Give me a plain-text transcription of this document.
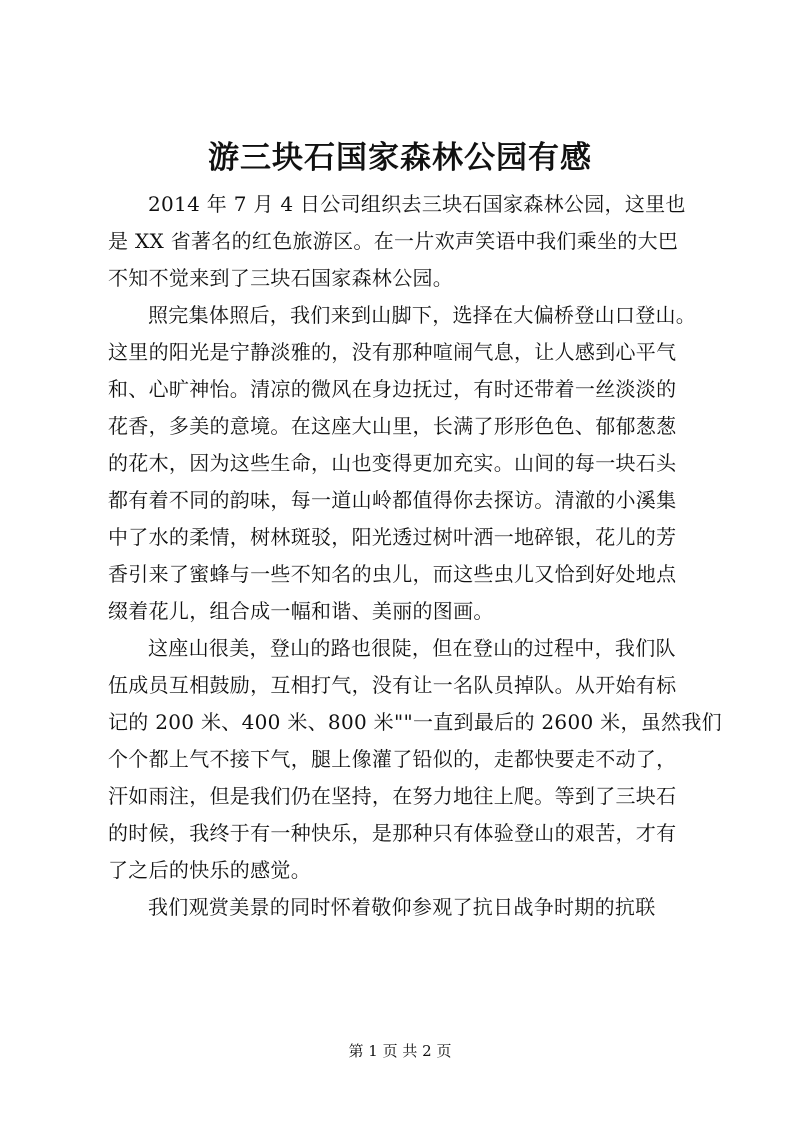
游三块石国家森林公园有感
2014 年 7 月 4 日公司组织去三块石国家森林公园，这里也
是 XX 省著名的红色旅游区。在一片欢声笑语中我们乘坐的大巴
不知不觉来到了三块石国家森林公园。
照完集体照后，我们来到山脚下，选择在大偏桥登山口登山。
这里的阳光是宁静淡雅的，没有那种喧闹气息，让人感到心平气
和、心旷神怡。清凉的微风在身边抚过，有时还带着一丝淡淡的
花香，多美的意境。在这座大山里，长满了形形色色、郁郁葱葱
的花木，因为这些生命，山也变得更加充实。山间的每一块石头
都有着不同的韵味，每一道山岭都值得你去探访。清澈的小溪集
中了水的柔情，树林斑驳，阳光透过树叶洒一地碎银，花儿的芳
香引来了蜜蜂与一些不知名的虫儿，而这些虫儿又恰到好处地点
缀着花儿，组合成一幅和谐、美丽的图画。
这座山很美，登山的路也很陡，但在登山的过程中，我们队
伍成员互相鼓励，互相打气，没有让一名队员掉队。从开始有标
记的 200 米、400 米、800 米""一直到最后的 2600 米，虽然我们
个个都上气不接下气，腿上像灌了铅似的，走都快要走不动了，
汗如雨注，但是我们仍在坚持，在努力地往上爬。等到了三块石
的时候，我终于有一种快乐，是那种只有体验登山的艰苦，才有
了之后的快乐的感觉。
我们观赏美景的同时怀着敬仰参观了抗日战争时期的抗联
第 1 页 共 2 页
